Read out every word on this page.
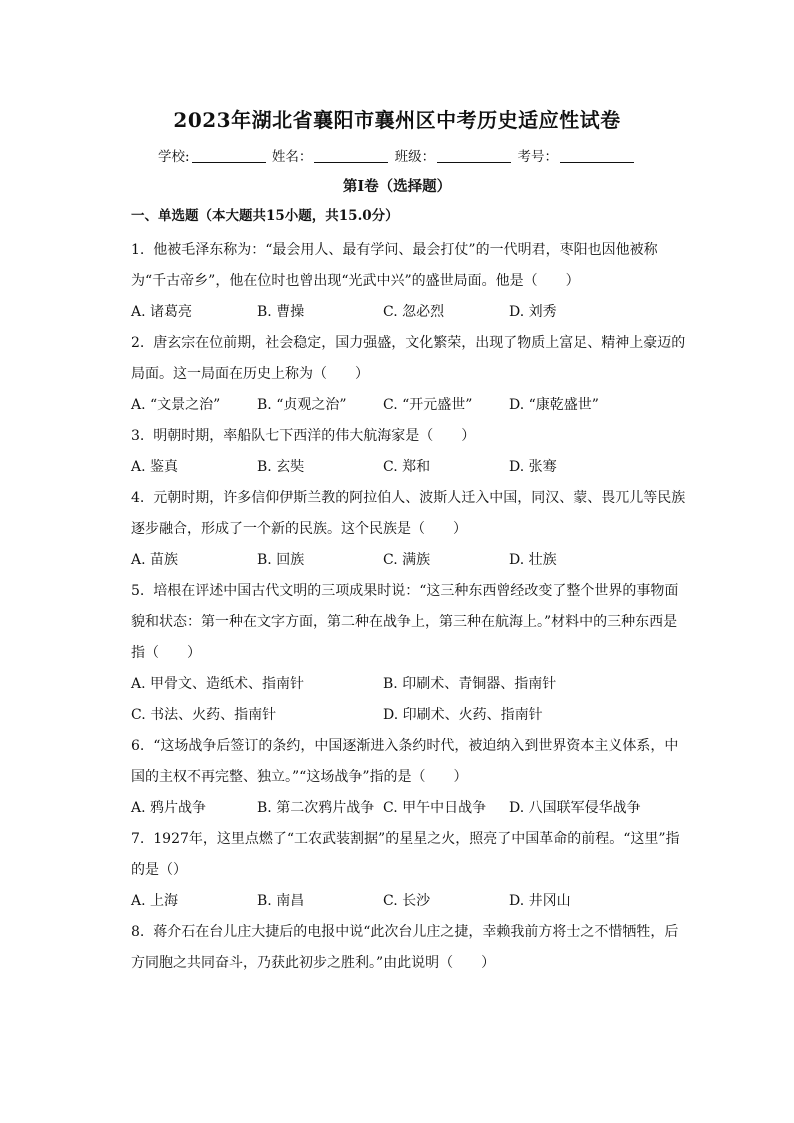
2023年湖北省襄阳市襄州区中考历史适应性试卷
学校:	姓名：	班级：	考号：
第I卷（选择题）
一、单选题（本大题共15小题，共15.0分）
1. 他被毛泽东称为：“最会用人、最有学问、最会打仗”的一代明君，枣阳也因他被称为“千古帝乡”，他在位时也曾出现“光武中兴”的盛世局面。他是（　　）
A. 诸葛亮	B. 曹操	C. 忽必烈	D. 刘秀
2. 唐玄宗在位前期，社会稳定，国力强盛，文化繁荣，出现了物质上富足、精神上豪迈的局面。这一局面在历史上称为（　　）
A. “文景之治”	B. “贞观之治”	C. “开元盛世”	D. “康乾盛世”
3. 明朝时期，率船队七下西洋的伟大航海家是（　　）
A. 鉴真	B. 玄奘	C. 郑和	D. 张骞
4. 元朝时期，许多信仰伊斯兰教的阿拉伯人、波斯人迁入中国，同汉、蒙、畏兀儿等民族逐步融合，形成了一个新的民族。这个民族是（　　）
A. 苗族	B. 回族	C. 满族	D. 壮族
5. 培根在评述中国古代文明的三项成果时说：“这三种东西曾经改变了整个世界的事物面貌和状态：第一种在文字方面，第二种在战争上，第三种在航海上。”材料中的三种东西是指（　　）
A. 甲骨文、造纸术、指南针	B. 印刷术、青铜器、指南针
C. 书法、火药、指南针	D. 印刷术、火药、指南针
6. “这场战争后签订的条约，中国逐渐进入条约时代，被迫纳入到世界资本主义体系，中国的主权不再完整、独立。”“这场战争”指的是（　　）
A. 鸦片战争	B. 第二次鸦片战争 C. 甲午中日战争	D. 八国联军侵华战争
7. 1927年，这里点燃了“工农武装割据”的星星之火，照亮了中国革命的前程。“这里”指的是（）
A. 上海	B. 南昌	C. 长沙	D. 井冈山
8. 蒋介石在台儿庄大捷后的电报中说“此次台儿庄之捷，幸赖我前方将士之不惜牺牲，后方同胞之共同奋斗，乃获此初步之胜利。”由此说明（　　）
